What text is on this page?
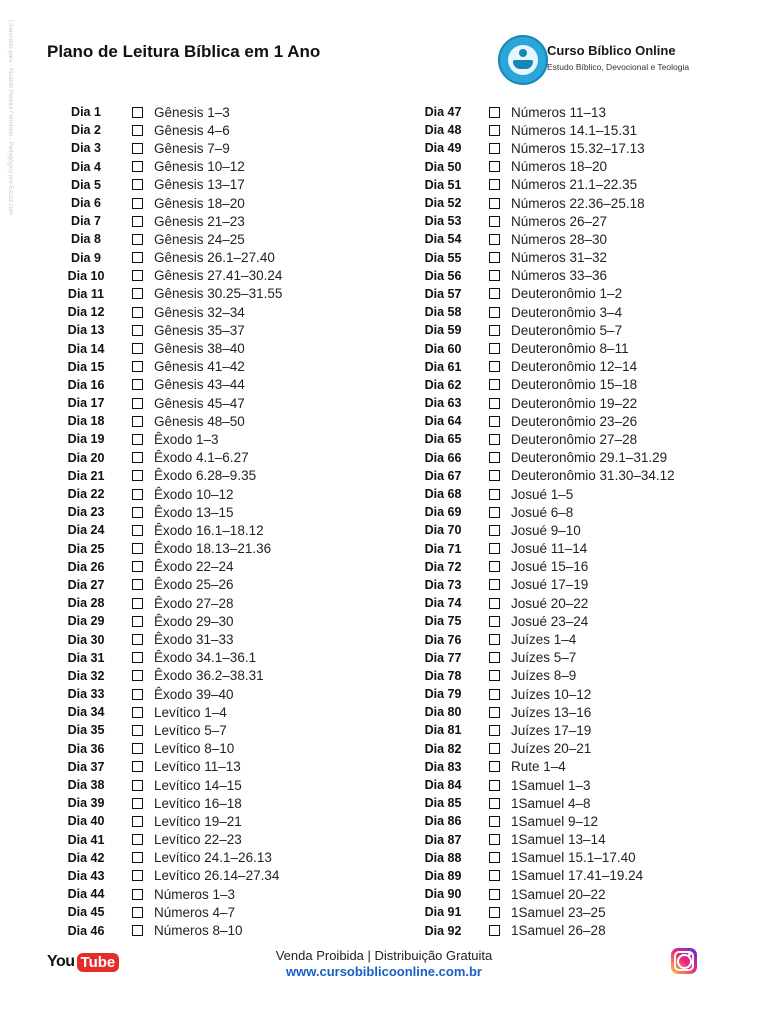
Licenciado para - Ricardo Pereira Fermiano - Pedagógico por Eduzz.com Plano de Leitura Bíblica em 1 Ano	Curso Bíblico Online
Estudo Bíblico, Devocional e Teologia
Dia 1	Gênesis 1–3
Dia 2	Gênesis 4–6
Dia 3	Gênesis 7–9
Dia 4	Gênesis 10–12
Dia 5	Gênesis 13–17
Dia 6	Gênesis 18–20
Dia 7	Gênesis 21–23
Dia 8	Gênesis 24–25
Dia 9	Gênesis 26.1–27.40
Dia 10	Gênesis 27.41–30.24
Dia 11	Gênesis 30.25–31.55
Dia 12	Gênesis 32–34
Dia 13	Gênesis 35–37
Dia 14	Gênesis 38–40
Dia 15	Gênesis 41–42
Dia 16	Gênesis 43–44
Dia 17	Gênesis 45–47
Dia 18	Gênesis 48–50
Dia 19	Êxodo 1–3
Dia 20	Êxodo 4.1–6.27
Dia 21	Êxodo 6.28–9.35
Dia 22	Êxodo 10–12
Dia 23	Êxodo 13–15
Dia 24	Êxodo 16.1–18.12
Dia 25	Êxodo 18.13–21.36
Dia 26	Êxodo 22–24
Dia 27	Êxodo 25–26
Dia 28	Êxodo 27–28
Dia 29	Êxodo 29–30
Dia 30	Êxodo 31–33
Dia 31	Êxodo 34.1–36.1
Dia 32	Êxodo 36.2–38.31
Dia 33	Êxodo 39–40
Dia 34	Levítico 1–4
Dia 35	Levítico 5–7
Dia 36	Levítico 8–10
Dia 37	Levítico 11–13
Dia 38	Levítico 14–15
Dia 39	Levítico 16–18
Dia 40	Levítico 19–21
Dia 41	Levítico 22–23
Dia 42	Levítico 24.1–26.13
Dia 43	Levítico 26.14–27.34
Dia 44	Números 1–3
Dia 45	Números 4–7
Dia 46	Números 8–10
Dia 47	Números 11–13
Dia 48	Números 14.1–15.31
Dia 49	Números 15.32–17.13
Dia 50	Números 18–20
Dia 51	Números 21.1–22.35
Dia 52	Números 22.36–25.18
Dia 53	Números 26–27
Dia 54	Números 28–30
Dia 55	Números 31–32
Dia 56	Números 33–36
Dia 57	Deuteronômio 1–2
Dia 58	Deuteronômio 3–4
Dia 59	Deuteronômio 5–7
Dia 60	Deuteronômio 8–11
Dia 61	Deuteronômio 12–14
Dia 62	Deuteronômio 15–18
Dia 63	Deuteronômio 19–22
Dia 64	Deuteronômio 23–26
Dia 65	Deuteronômio 27–28
Dia 66	Deuteronômio 29.1–31.29
Dia 67	Deuteronômio 31.30–34.12
Dia 68	Josué 1–5
Dia 69	Josué 6–8
Dia 70	Josué 9–10
Dia 71	Josué 11–14
Dia 72	Josué 15–16
Dia 73	Josué 17–19
Dia 74	Josué 20–22
Dia 75	Josué 23–24
Dia 76	Juízes 1–4
Dia 77	Juízes 5–7
Dia 78	Juízes 8–9
Dia 79	Juízes 10–12
Dia 80	Juízes 13–16
Dia 81	Juízes 17–19
Dia 82	Juízes 20–21
Dia 83	Rute 1–4
Dia 84	1Samuel 1–3
Dia 85	1Samuel 4–8
Dia 86	1Samuel 9–12
Dia 87	1Samuel 13–14
Dia 88	1Samuel 15.1–17.40
Dia 89	1Samuel 17.41–19.24
Dia 90	1Samuel 20–22
Dia 91	1Samuel 23–25
Dia 92	1Samuel 26–28
You Tube	Venda Proibida | Distribuição Gratuita
www.cursobiblicoonline.com.br
